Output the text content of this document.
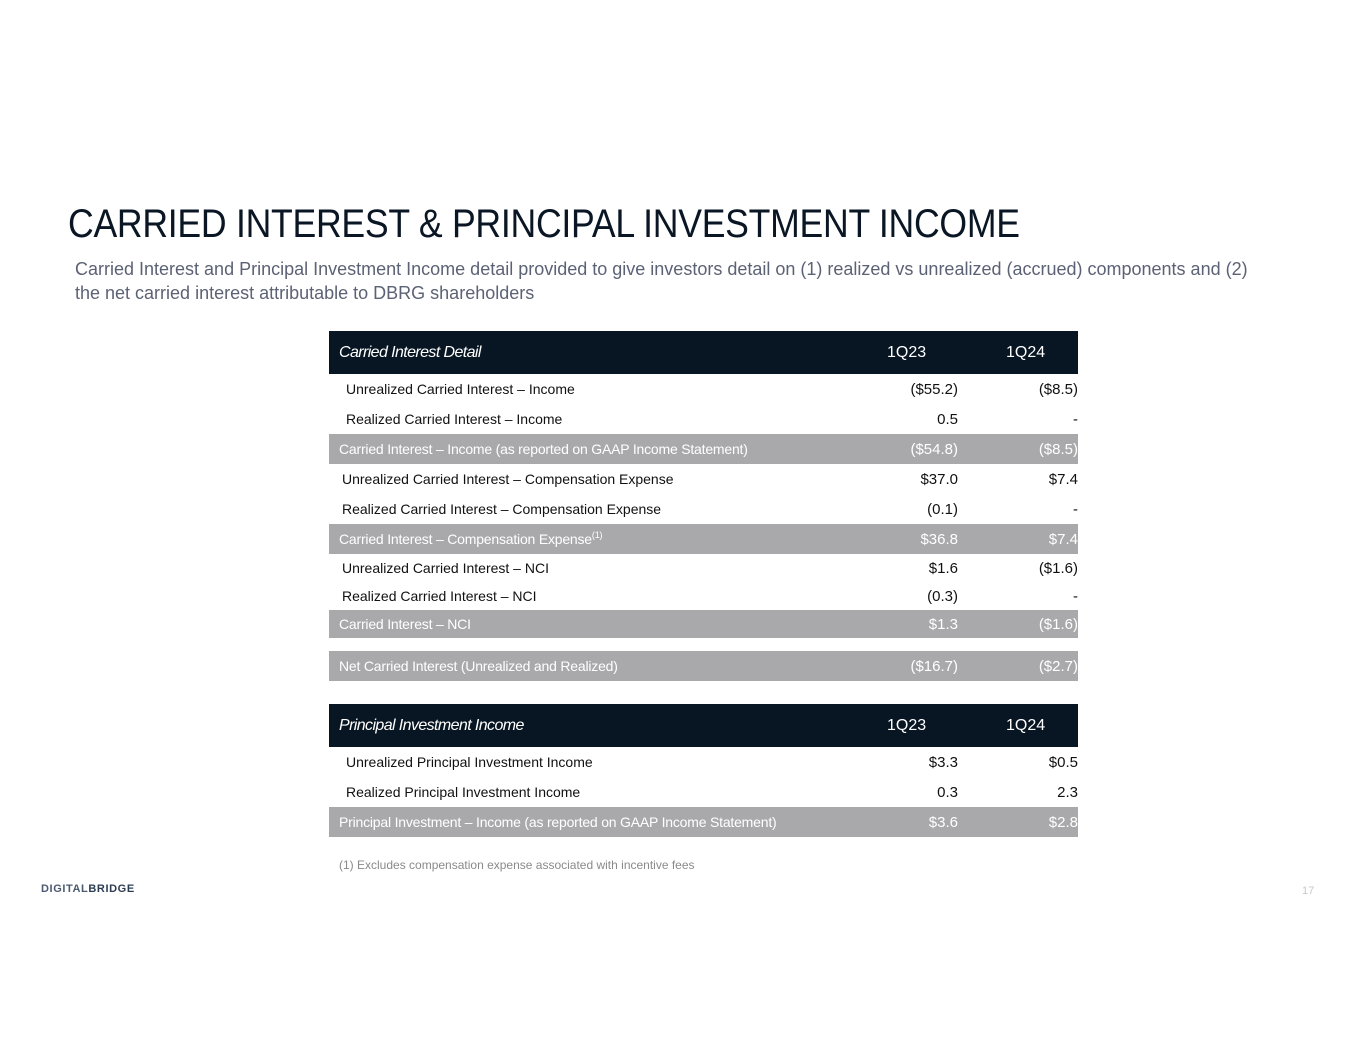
CARRIED INTEREST & PRINCIPAL INVESTMENT INCOME
Carried Interest and Principal Investment Income detail provided to give investors detail on (1) realized vs unrealized (accrued) components and (2) the net carried interest attributable to DBRG shareholders
Carried Interest Detail	1Q23	1Q24
Unrealized Carried Interest – Income	($55.2)	($8.5)
Realized Carried Interest – Income	0.5	-
Carried Interest – Income (as reported on GAAP Income Statement)	($54.8)	($8.5)
Unrealized Carried Interest – Compensation Expense	$37.0	$7.4
Realized Carried Interest – Compensation Expense	(0.1)	-
Carried Interest – Compensation Expense$^{(1)}$	$36.8	$7.4
Unrealized Carried Interest – NCI	$1.6	($1.6)
Realized Carried Interest – NCI	(0.3)	-
Carried Interest – NCI	$1.3	($1.6)

Net Carried Interest (Unrealized and Realized)	($16.7)	($2.7)
Principal Investment Income	1Q23	1Q24
Unrealized Principal Investment Income	$3.3	$0.5
Realized Principal Investment Income	0.3	2.3
Principal Investment – Income (as reported on GAAP Income Statement)	$3.6	$2.8
(1) Excludes compensation expense associated with incentive fees
DIGITALBRIDGE	17
